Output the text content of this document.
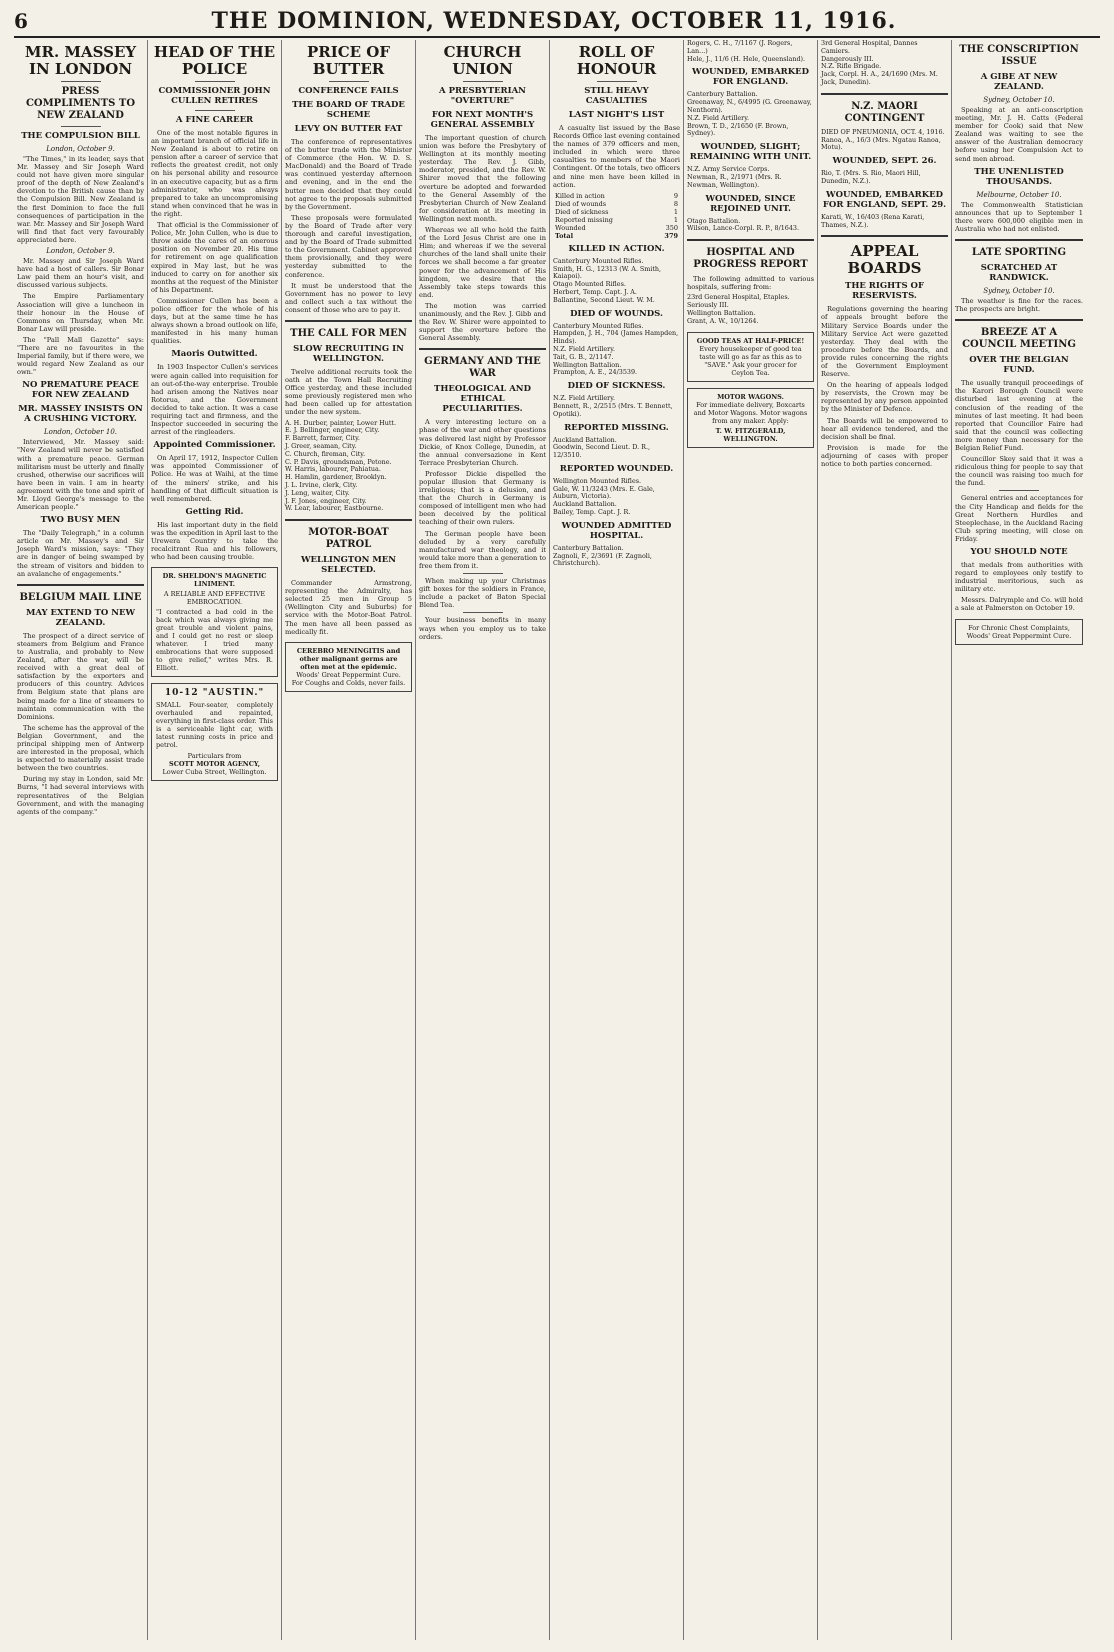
6	THE DOMINION, WEDNESDAY, OCTOBER 11, 1916.
MR. MASSEY IN LONDON
PRESS COMPLIMENTS TO NEW ZEALAND
THE COMPULSION BILL
London, October 9.

"The Times," in its leader, says that Mr. Massey and Sir Joseph Ward could not have given more singular proof of the depth of New Zealand's devotion to the British cause than by the Compulsion Bill. New Zealand is the first Dominion to face the full consequences of participation in the war. Mr. Massey and Sir Joseph Ward will find that fact very favourably appreciated here.

London, October 9.

Mr. Massey and Sir Joseph Ward have had a host of callers. Sir Bonar Law paid them an hour's visit, and discussed various subjects.

The Empire Parliamentary Association will give a luncheon in their honour in the House of Commons on Thursday, when Mr. Bonar Law will preside.

The "Pall Mall Gazette" says: "There are no favourites in the Imperial family, but if there were, we would regard New Zealand as our own."

NO PREMATURE PEACE FOR NEW ZEALAND
MR. MASSEY INSISTS ON A CRUSHING VICTORY.
London, October 10.

Interviewed, Mr. Massey said: "New Zealand will never be satisfied with a premature peace. German militarism must be utterly and finally crushed, otherwise our sacrifices will have been in vain. I am in hearty agreement with the tone and spirit of Mr. Lloyd George's message to the American people."

TWO BUSY MEN

The "Daily Telegraph," in a column article on Mr. Massey's and Sir Joseph Ward's mission, says: "They are in danger of being swamped by the stream of visitors and bidden to an avalanche of engagements."

BELGIUM MAIL LINE
MAY EXTEND TO NEW ZEALAND.

The prospect of a direct service of steamers from Belgium and France to Australia, and probably to New Zealand, after the war, will be received with a great deal of satisfaction by the exporters and producers of this country. Advices from Belgium state that plans are being made for a line of steamers to maintain communication with the Dominions.

The scheme has the approval of the Belgian Government, and the principal shipping men of Antwerp are interested in the proposal, which is expected to materially assist trade between the two countries.

During my stay in London, said Mr. Burns, "I had several interviews with representatives of the Belgian Government, and with the managing agents of the company."

HEAD OF THE POLICE
COMMISSIONER JOHN CULLEN RETIRES
A FINE CAREER

One of the most notable figures in an important branch of official life in New Zealand is about to retire on pension after a career of service that reflects the greatest credit, not only on his personal ability and resource in an executive capacity, but as a firm administrator, who was always prepared to take an uncompromising stand when convinced that he was in the right.

That official is the Commissioner of Police, Mr. John Cullen, who is due to throw aside the cares of an onerous position on November 20. His time for retirement on age qualification expired in May last, but he was induced to carry on for another six months at the request of the Minister of his Department.

Commissioner Cullen has been a police officer for the whole of his days, but at the same time he has always shown a broad outlook on life, manifested in his many human qualities.

Maoris Outwitted.

In 1903 Inspector Cullen's services were again called into requisition for an out-of-the-way enterprise. Trouble had arisen among the Natives near Rotorua, and the Government decided to take action. It was a case requiring tact and firmness, and the Inspector succeeded in securing the arrest of the ringleaders.

Appointed Commissioner.

On April 17, 1912, Inspector Cullen was appointed Commissioner of Police. He was at Waihi, at the time of the miners' strike, and his handling of that difficult situation is well remembered.

Getting Rid.

His last important duty in the field was the expedition in April last to the Urewera Country to take the recalcitrant Rua and his followers, who had been causing trouble.

DR. SHELDON'S MAGNETIC LINIMENT.
A RELIABLE AND EFFECTIVE EMBROCATION.
"I contracted a bad cold in the back which was always giving me great trouble and violent pains, and I could get no rest or sleep whatever. I tried many embrocations that were supposed to give relief," writes Mrs. R. Elliott.
10-12 "AUSTIN."
SMALL Four-seater, completely overhauled and repainted, everything in first-class order. This is a serviceable light car, with latest running costs in price and petrol.
Particulars from
SCOTT MOTOR AGENCY,
Lower Cuba Street, Wellington.
PRICE OF BUTTER
CONFERENCE FAILS
THE BOARD OF TRADE SCHEME
LEVY ON BUTTER FAT

The conference of representatives of the butter trade with the Minister of Commerce (the Hon. W. D. S. MacDonald) and the Board of Trade was continued yesterday afternoon and evening, and in the end the butter men decided that they could not agree to the proposals submitted by the Government.

These proposals were formulated by the Board of Trade after very thorough and careful investigation, and by the Board of Trade submitted to the Government. Cabinet approved them provisionally, and they were yesterday submitted to the conference.

It must be understood that the Government has no power to levy and collect such a tax without the consent of those who are to pay it.

THE CALL FOR MEN
SLOW RECRUITING IN WELLINGTON.

Twelve additional recruits took the oath at the Town Hall Recruiting Office yesterday, and these included some previously registered men who had been called up for attestation under the new system.

A. H. Durber, painter, Lower Hutt.
E. J. Bellinger, engineer, City.
F. Barrett, farmer, City.
J. Greer, seaman, City.
C. Church, fireman, City.
C. P. Davis, groundsman, Petone.
W. Harris, labourer, Pahiatua.
H. Hamlin, gardener, Brooklyn.
J. L. Irvine, clerk, City.
J. Leng, waiter, City.
J. F. Jones, engineer, City.
W. Lear, labourer, Eastbourne.
MOTOR-BOAT PATROL
WELLINGTON MEN SELECTED.

Commander Armstrong, representing the Admiralty, has selected 25 men in Group 5 (Wellington City and Suburbs) for service with the Motor-Boat Patrol. The men have all been passed as medically fit.

CEREBRO MENINGITIS and other malignant germs are often met at the epidemic.
Woods' Great Peppermint Cure. For Coughs and Colds, never fails.
CHURCH UNION
A PRESBYTERIAN "OVERTURE"
FOR NEXT MONTH'S GENERAL ASSEMBLY

The important question of church union was before the Presbytery of Wellington at its monthly meeting yesterday. The Rev. J. Gibb, moderator, presided, and the Rev. W. Shirer moved that the following overture be adopted and forwarded to the General Assembly of the Presbyterian Church of New Zealand for consideration at its meeting in Wellington next month.

Whereas we all who hold the faith of the Lord Jesus Christ are one in Him; and whereas if we the several churches of the land shall unite their forces we shall become a far greater power for the advancement of His kingdom, we desire that the Assembly take steps towards this end.

The motion was carried unanimously, and the Rev. J. Gibb and the Rev. W. Shirer were appointed to support the overture before the General Assembly.

GERMANY AND THE WAR
THEOLOGICAL AND ETHICAL PECULIARITIES.

A very interesting lecture on a phase of the war and other questions was delivered last night by Professor Dickie, of Knox College, Dunedin, at the annual conversazione in Kent Terrace Presbyterian Church.

Professor Dickie dispelled the popular illusion that Germany is irreligious; that is a delusion, and that the Church in Germany is composed of intelligent men who had been deceived by the political teaching of their own rulers.

The German people have been deluded by a very carefully manufactured war theology, and it would take more than a generation to free them from it.

When making up your Christmas gift boxes for the soldiers in France, include a packet of Baton Special Blend Tea.

Your business benefits in many ways when you employ us to take orders.

ROLL OF HONOUR
STILL HEAVY CASUALTIES
LAST NIGHT'S LIST

A casualty list issued by the Base Records Office last evening contained the names of 379 officers and men, included in which were three casualties to members of the Maori Contingent. Of the totals, two officers and nine men have been killed in action.

Killed in action	9
Died of wounds	8
Died of sickness	1
Reported missing	1
Wounded	350
Total	379
KILLED IN ACTION.
Canterbury Mounted Rifles.
Smith, H. G., 12313 (W. A. Smith, Kaiapoi).
Otago Mounted Rifles.
Herbert, Temp. Capt. J. A.
Ballantine, Second Lieut. W. M.
DIED OF WOUNDS.
Canterbury Mounted Rifles.
Hampden, J. H., 704 (James Hampden, Hinds).
N.Z. Field Artillery.
Tait, G. B., 2/1147.
Wellington Battalion.
Frampton, A. E., 24/3539.
DIED OF SICKNESS.
N.Z. Field Artillery.
Bennett, R., 2/2515 (Mrs. T. Bennett, Opotiki).
REPORTED MISSING.
Auckland Battalion.
Goodwin, Second Lieut. D. R., 12/3510.
REPORTED WOUNDED.
Wellington Mounted Rifles.
Gale, W. 11/3243 (Mrs. E. Gale, Auburn, Victoria).
Auckland Battalion.
Bailey, Temp. Capt. J. R.
WOUNDED ADMITTED HOSPITAL.
Canterbury Battalion.
Zagnoli, F., 2/3691 (F. Zagnoli, Christchurch).
Rogers, C. H., 7/1167 (J. Rogers, Lan...)
Hele, J., 11/6 (H. Hele, Queensland).
WOUNDED, EMBARKED FOR ENGLAND.
Canterbury Battalion.
Greenaway, N., 6/4995 (G. Greenaway, Nenthorn).
N.Z. Field Artillery.
Brown, T. D., 2/1650 (F. Brown, Sydney).
WOUNDED, SLIGHT; REMAINING WITH UNIT.
N.Z. Army Service Corps.
Newman, R., 2/1971 (Mrs. R. Newman, Wellington).
WOUNDED, SINCE REJOINED UNIT.
Otago Battalion.
Wilson, Lance-Corpl. R. P., 8/1643.
HOSPITAL AND PROGRESS REPORT

The following admitted to various hospitals, suffering from:

23rd General Hospital, Etaples.
Seriously III.
Wellington Battalion.
Grant, A. W., 10/1264.
GOOD TEAS AT HALF-PRICE!
Every housekeeper of good tea taste will go as far as this as to "SAVE." Ask your grocer for Ceylon Tea.
MOTOR WAGONS.
For immediate delivery, Boxcarts and Motor Wagons. Motor wagons from any maker. Apply:
T. W. FITZGERALD, WELLINGTON.
3rd General Hospital, Dannes Camiers.
Dangerously III.
N.Z. Rifle Brigade.
Jack, Corpl. H. A., 24/1690 (Mrs. M. Jack, Dunedin).
N.Z. MAORI CONTINGENT
DIED OF PNEUMONIA, OCT. 4, 1916.
Ranoa, A., 16/3 (Mrs. Ngatau Ranoa, Motu).
WOUNDED, SEPT. 26.
Rio, T. (Mrs. S. Rio, Maori Hill, Dunedin, N.Z.).
WOUNDED, EMBARKED FOR ENGLAND, SEPT. 29.
Karati, W., 16/403 (Rena Karati, Thames, N.Z.).
APPEAL BOARDS
THE RIGHTS OF RESERVISTS.

Regulations governing the hearing of appeals brought before the Military Service Boards under the Military Service Act were gazetted yesterday. They deal with the procedure before the Boards, and provide rules concerning the rights of the Government Employment Reserve.

On the hearing of appeals lodged by reservists, the Crown may be represented by any person appointed by the Minister of Defence.

The Boards will be empowered to hear all evidence tendered, and the decision shall be final.

Provision is made for the adjourning of cases with proper notice to both parties concerned.

THE CONSCRIPTION ISSUE
A GIBE AT NEW ZEALAND.
Sydney, October 10.

Speaking at an anti-conscription meeting, Mr. J. H. Catts (Federal member for Cook) said that New Zealand was waiting to see the answer of the Australian democracy before using her Compulsion Act to send men abroad.

THE UNENLISTED THOUSANDS.
Melbourne, October 10.

The Commonwealth Statistician announces that up to September 1 there were 600,000 eligible men in Australia who had not enlisted.

LATE SPORTING
SCRATCHED AT RANDWICK.
Sydney, October 10.

The weather is fine for the races. The prospects are bright.

BREEZE AT A COUNCIL MEETING
OVER THE BELGIAN FUND.

The usually tranquil proceedings of the Karori Borough Council were disturbed last evening at the conclusion of the reading of the minutes of last meeting. It had been reported that Councillor Faire had said that the council was collecting more money than necessary for the Belgian Relief Fund.

Councillor Skey said that it was a ridiculous thing for people to say that the council was raising too much for the fund.

General entries and acceptances for the City Handicap and fields for the Great Northern Hurdles and Steeplechase, in the Auckland Racing Club spring meeting, will close on Friday.

YOU SHOULD NOTE

that medals from authorities with regard to employees only testify to industrial meritorious, such as military etc.

Messrs. Dalrymple and Co. will hold a sale at Palmerston on October 19.

For Chronic Chest Complaints, Woods' Great Peppermint Cure.
